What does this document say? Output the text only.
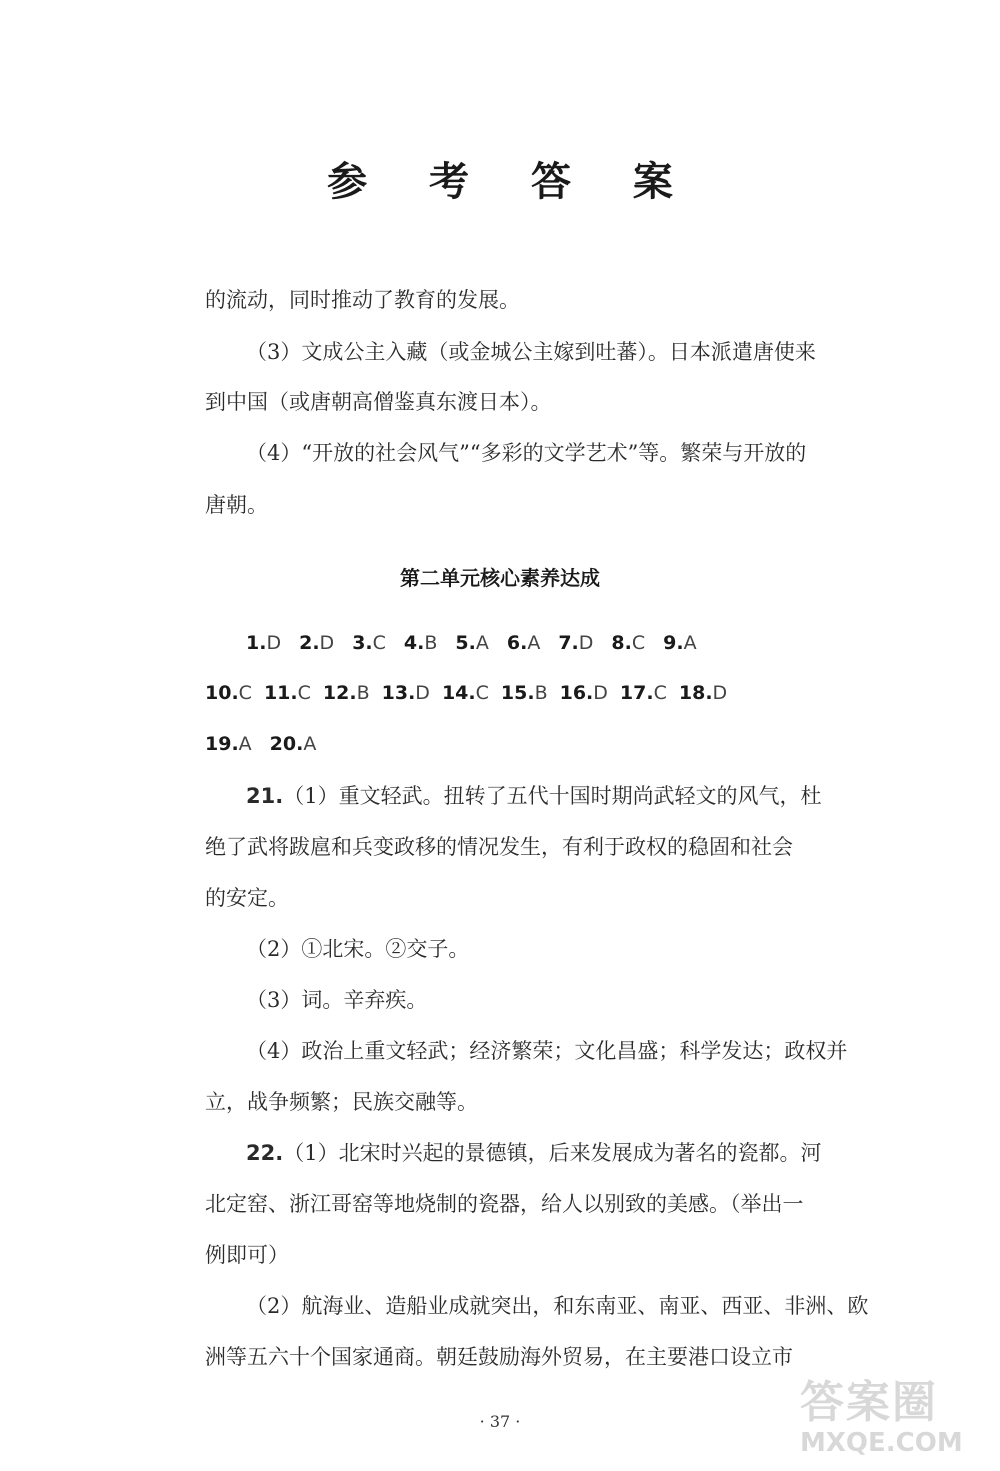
参 考 答 案
的流动，同时推动了教育的发展。
（3）文成公主入藏（或金城公主嫁到吐蕃）。日本派遣唐使来
到中国（或唐朝高僧鉴真东渡日本）。
（4）“开放的社会风气”“多彩的文学艺术”等。繁荣与开放的
唐朝。
第二单元核心素养达成
1.D 2.D 3.C 4.B 5.A 6.A 7.D 8.C 9.A
10.C 11.C 12.B 13.D 14.C 15.B 16.D 17.C 18.D
19.A 20.A
21.（1）重文轻武。扭转了五代十国时期尚武轻文的风气，杜
绝了武将跋扈和兵变政移的情况发生，有利于政权的稳固和社会
的安定。
（2）①北宋。②交子。
（3）词。辛弃疾。
（4）政治上重文轻武；经济繁荣；文化昌盛；科学发达；政权并
立，战争频繁；民族交融等。
22.（1）北宋时兴起的景德镇，后来发展成为著名的瓷都。河
北定窑、浙江哥窑等地烧制的瓷器，给人以别致的美感。（举出一
例即可）
（2）航海业、造船业成就突出，和东南亚、南亚、西亚、非洲、欧
洲等五六十个国家通商。朝廷鼓励海外贸易，在主要港口设立市
· 37 ·	答案圈
MXQE.COM
